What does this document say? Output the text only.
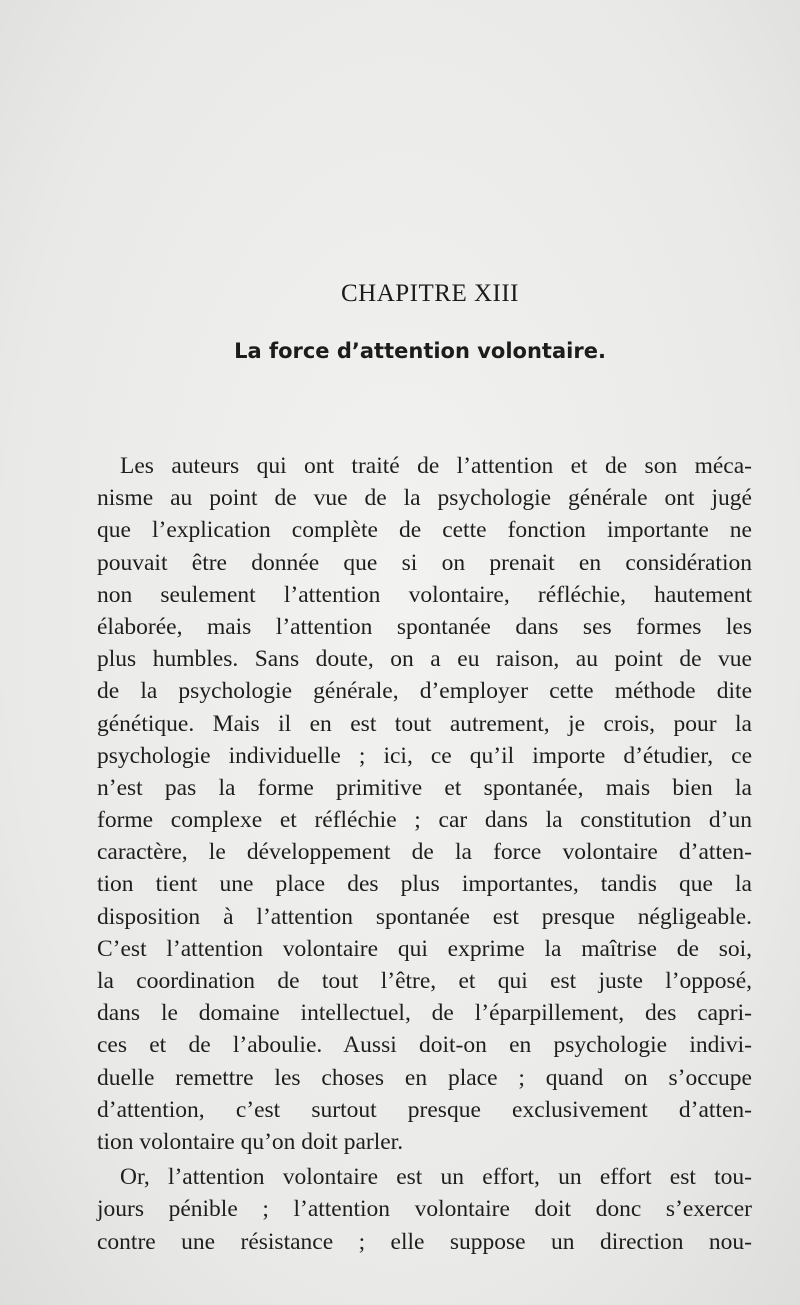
CHAPITRE XIII
La force d’attention volontaire.
Les auteurs qui ont traité de l’attention et de son méca-
nisme au point de vue de la psychologie générale ont jugé
que l’explication complète de cette fonction importante ne
pouvait être donnée que si on prenait en considération
non seulement l’attention volontaire, réfléchie, hautement
élaborée, mais l’attention spontanée dans ses formes les
plus humbles. Sans doute, on a eu raison, au point de vue
de la psychologie générale, d’employer cette méthode dite
génétique. Mais il en est tout autrement, je crois, pour la
psychologie individuelle ; ici, ce qu’il importe d’étudier, ce
n’est pas la forme primitive et spontanée, mais bien la
forme complexe et réfléchie ; car dans la constitution d’un
caractère, le développement de la force volontaire d’atten-
tion tient une place des plus importantes, tandis que la
disposition à l’attention spontanée est presque négligeable.
C’est l’attention volontaire qui exprime la maîtrise de soi,
la coordination de tout l’être, et qui est juste l’opposé,
dans le domaine intellectuel, de l’éparpillement, des capri-
ces et de l’aboulie. Aussi doit-on en psychologie indivi-
duelle remettre les choses en place ; quand on s’occupe
d’attention, c’est surtout presque exclusivement d’atten-
tion volontaire qu’on doit parler.
Or, l’attention volontaire est un effort, un effort est tou-
jours pénible ; l’attention volontaire doit donc s’exercer
contre une résistance ; elle suppose un direction nou-
